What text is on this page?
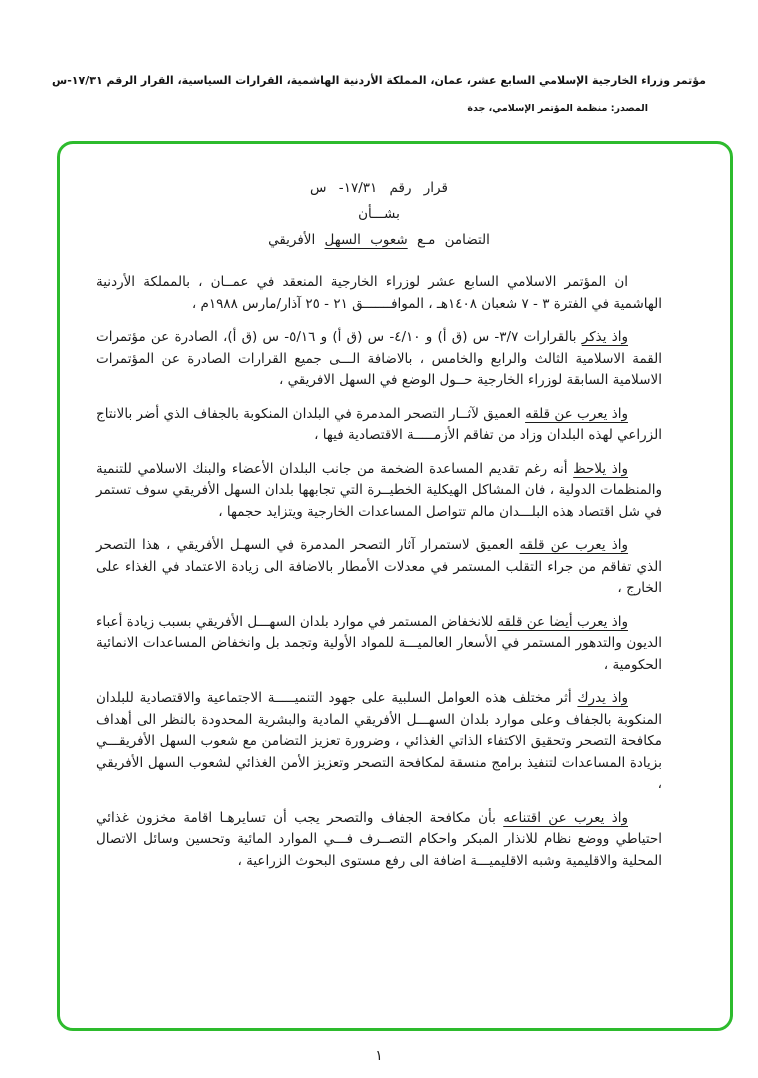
مؤتمر وزراء الخارجية الإسلامي السابع عشر، عمان، المملكة الأردنية الهاشمية، القرارات السياسية، القرار الرقم ١٧/٣١-س
المصدر: منظمة المؤتمر الإسلامي، جدة
قرار رقم ١٧/٣١- س
بشـــأن
التضامن مـع شعوب السهل الأفريقي
ان المؤتمر الاسلامي السابع عشر لوزراء الخارجية المنعقد في عمــان ، بالمملكة الأردنية الهاشمية في الفترة ٣ - ٧ شعبان ١٤٠٨هـ ، الموافـــــــق ٢١ - ٢٥ آذار/مارس ١٩٨٨م ،
واذ يذكر بالقرارات ٣/٧- س (ق أ) و ٤/١٠- س (ق أ) و ٥/١٦- س (ق أ)، الصادرة عن مؤتمرات القمة الاسلامية الثالث والرابع والخامس ، بالاضافة الـــى جميع القرارات الصادرة عن المؤتمرات الاسلامية السابقة لوزراء الخارجية حــول الوضع في السهل الافريقي ،
واذ يعرب عن قلقه العميق لآثــار التصحر المدمرة في البلدان المنكوبة بالجفاف الذي أضر بالانتاج الزراعي لهذه البلدان وزاد من تفاقم الأزمـــــة الاقتصادية فيها ،
واذ يلاحظ أنه رغم تقديم المساعدة الضخمة من جانب البلدان الأعضاء والبنك الاسلامي للتنمية والمنظمات الدولية ، فان المشاكل الهيكلية الخطيــرة التي تجابهها بلدان السهل الأفريقي سوف تستمر في شل اقتصاد هذه البلـــدان مالم تتواصل المساعدات الخارجية ويتزايد حجمها ،
واذ يعرب عن قلقه العميق لاستمرار آثار التصحر المدمرة في السهـل الأفريقي ، هذا التصحر الذي تفاقم من جراء التقلب المستمر في معدلات الأمطار بالاضافة الى زيادة الاعتماد في الغذاء على الخارج ،
واذ يعرب أيضا عن قلقه للانخفاض المستمر في موارد بلدان السهـــل الأفريقي بسبب زيادة أعباء الديون والتدهور المستمر في الأسعار العالميـــة للمواد الأولية وتجمد بل وانخفاض المساعدات الانمائية الحكومية ،
واذ يدرك أثر مختلف هذه العوامل السلبية على جهود التنميـــــة الاجتماعية والاقتصادية للبلدان المنكوبة بالجفاف وعلى موارد بلدان السهـــل الأفريقي المادية والبشرية المحدودة بالنظر الى أهداف مكافحة التصحر وتحقيق الاكتفاء الذاتي الغذائي ، وضرورة تعزيز التضامن مع شعوب السهل الأفريقـــي بزيادة المساعدات لتنفيذ برامج منسقة لمكافحة التصحر وتعزيز الأمن الغذائي لشعوب السهل الأفريقي ،
واذ يعرب عن اقتناعه بأن مكافحة الجفاف والتصحر يجب أن تسايرهـا اقامة مخزون غذائي احتياطي ووضع نظام للانذار المبكر واحكام التصــرف فـــي الموارد المائية وتحسين وسائل الاتصال المحلية والاقليمية وشبه الاقليميـــة اضافة الى رفع مستوى البحوث الزراعية ،
١
